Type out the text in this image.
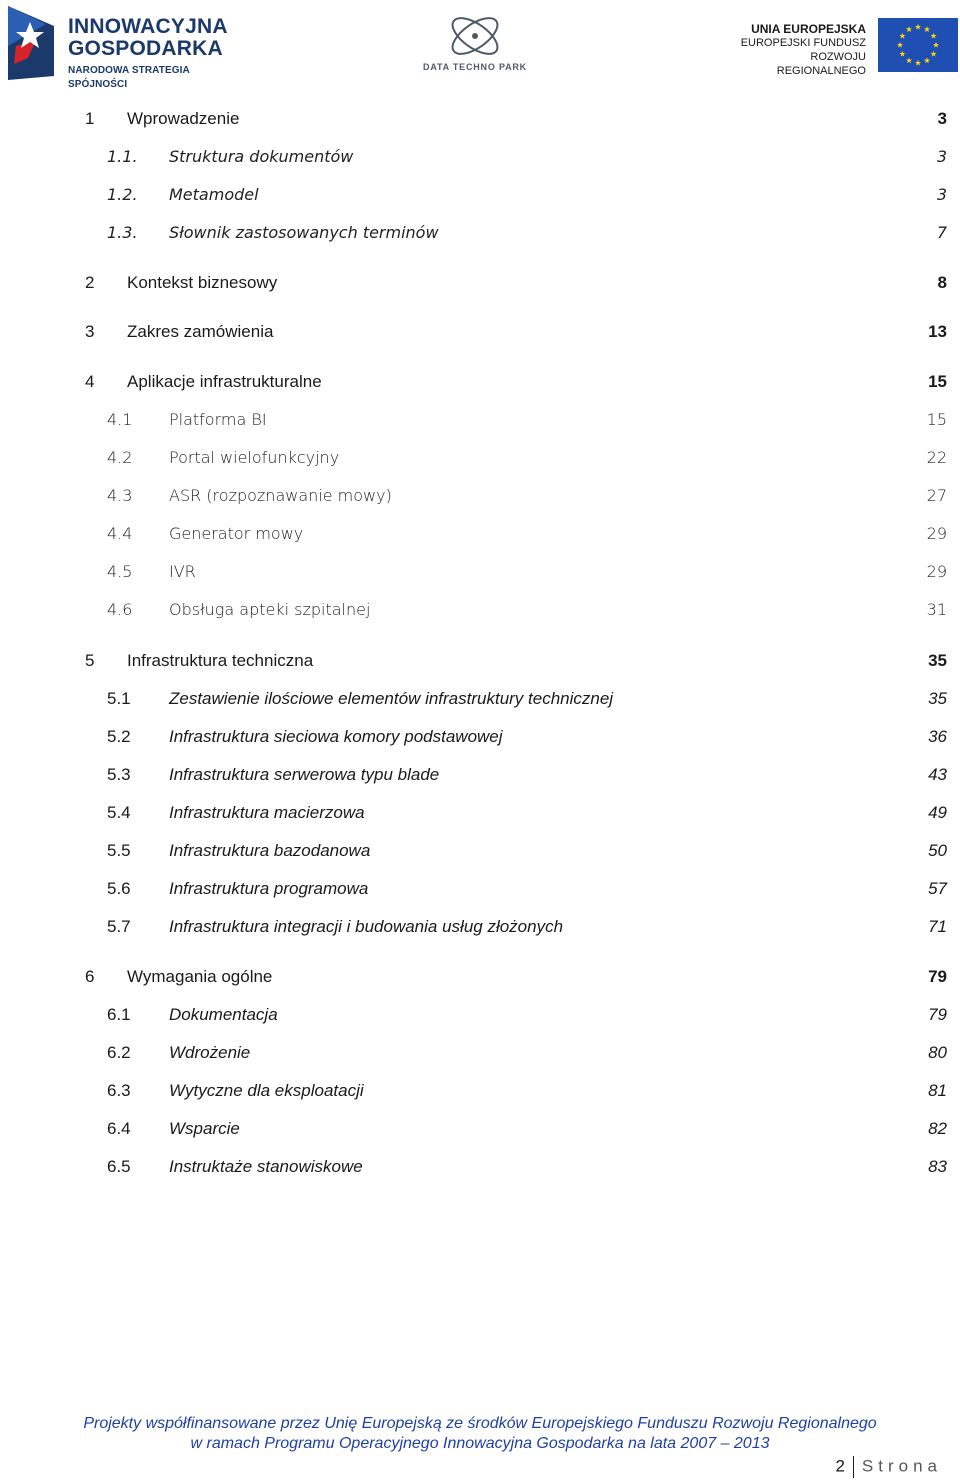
INNOWACYJNA
GOSPODARKA
NARODOWA STRATEGIA SPÓJNOŚCI
DATA TECHNO PARK
UNIA EUROPEJSKA
EUROPEJSKI FUNDUSZ
ROZWOJU REGIONALNEGO
1 Wprowadzenie	3
1.1. Struktura dokumentów	3
1.2. Metamodel	3
1.3. Słownik zastosowanych terminów	7
2 Kontekst biznesowy	8
3 Zakres zamówienia	13
4 Aplikacje infrastrukturalne	15
4.1 Platforma BI	15
4.2 Portal wielofunkcyjny	22
4.3 ASR (rozpoznawanie mowy)	27
4.4 Generator mowy	29
4.5 IVR	29
4.6 Obsługa apteki szpitalnej	31
5 Infrastruktura techniczna	35
5.1 Zestawienie ilościowe elementów infrastruktury technicznej	35
5.2 Infrastruktura sieciowa komory podstawowej	36
5.3 Infrastruktura serwerowa typu blade	43
5.4 Infrastruktura macierzowa	49
5.5 Infrastruktura bazodanowa	50
5.6 Infrastruktura programowa	57
5.7 Infrastruktura integracji i budowania usług złożonych	71
6 Wymagania ogólne	79
6.1 Dokumentacja	79
6.2 Wdrożenie	80
6.3 Wytyczne dla eksploatacji	81
6.4 Wsparcie	82
6.5 Instruktaże stanowiskowe	83
Projekty współfinansowane przez Unię Europejską ze środków Europejskiego Funduszu Rozwoju Regionalnego
w ramach Programu Operacyjnego Innowacyjna Gospodarka na lata 2007 – 2013
2 Strona
